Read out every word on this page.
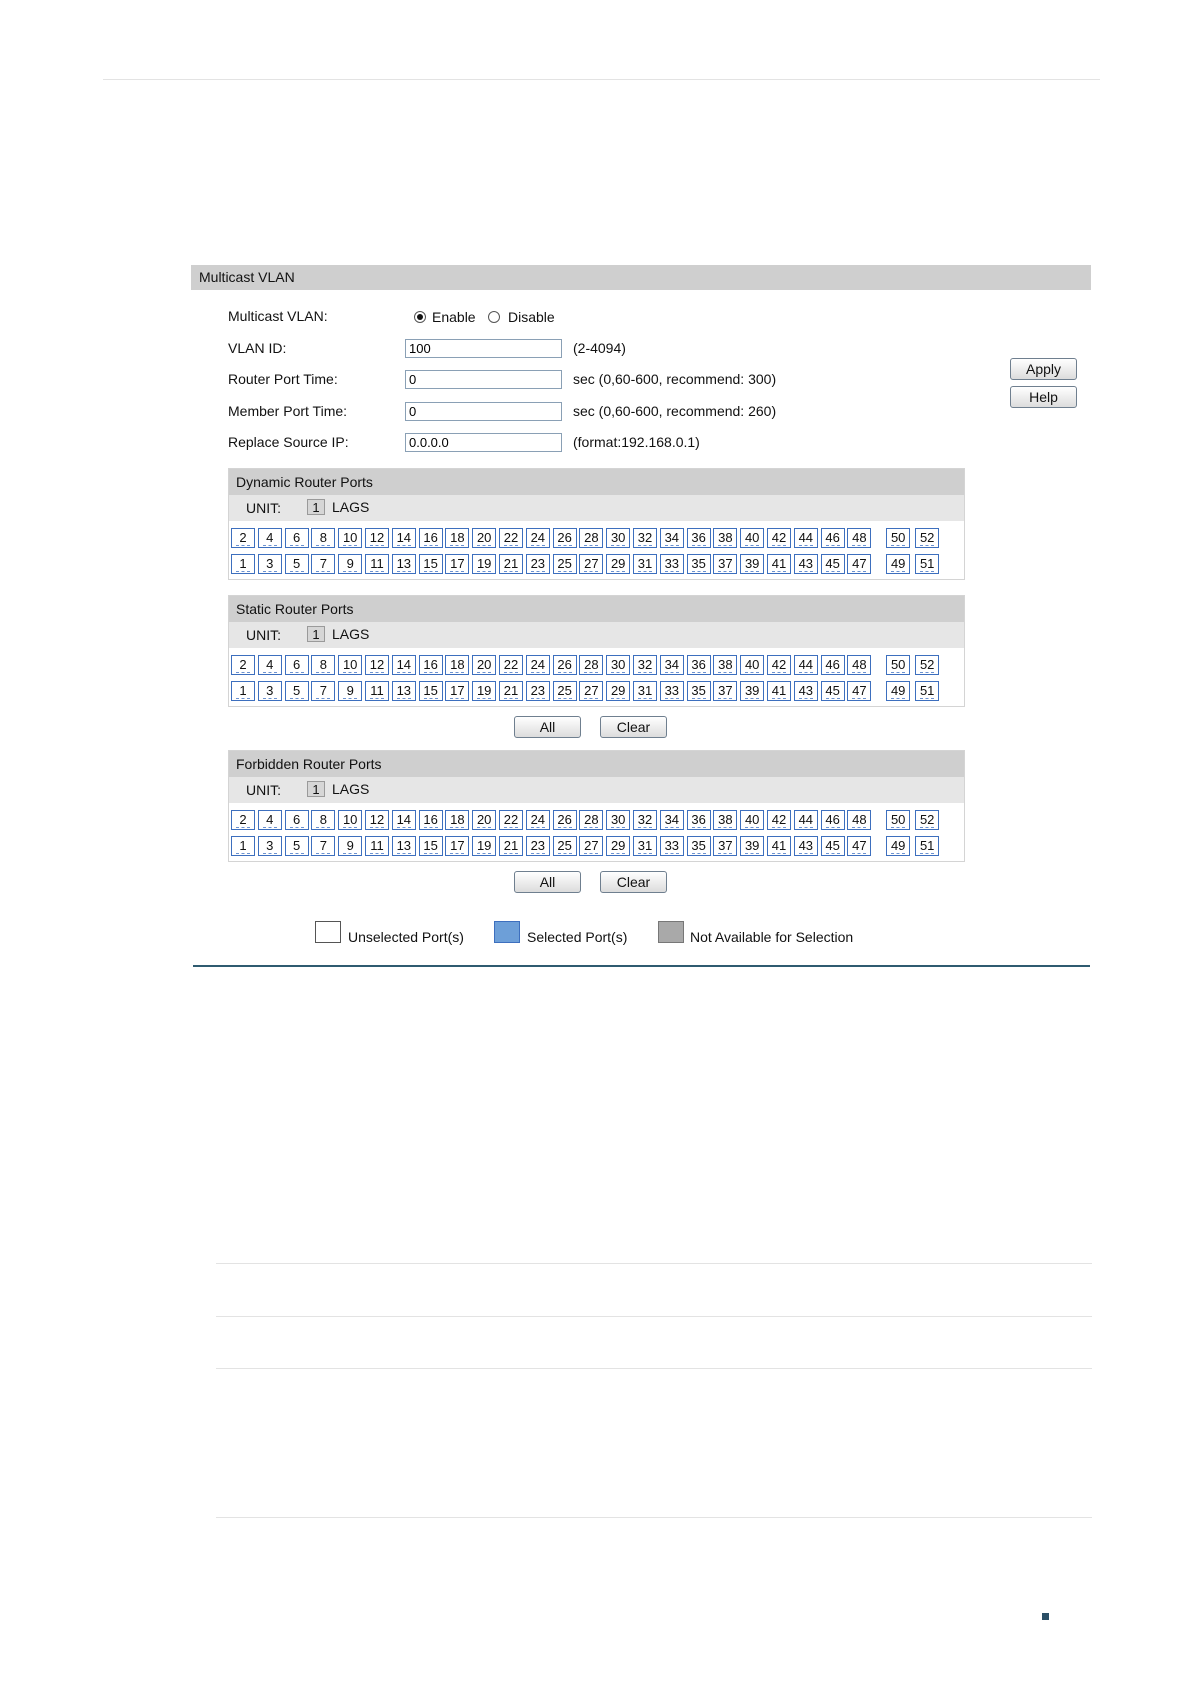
Multicast VLAN
Multicast VLAN:	Enable Disable
VLAN ID:
100	(2-4094)
Router Port Time:
0	sec (0,60-600, recommend: 300)
Member Port Time:
0	sec (0,60-600, recommend: 260)
Replace Source IP:
0.0.0.0	(format:192.168.0.1)
Apply
Help
Dynamic Router Ports
UNIT:	1 LAGS
2	4	6	8	10 12 14 16 18 20 22 24 26 28 30 32 34 36 38 40 42 44 46 48	50	52
1	3	5	7	9	11 13 15 17 19 21 23 25 27 29 31 33 35 37 39 41 43 45 47	49	51
Static Router Ports
UNIT:	1 LAGS
2	4	6	8	10 12 14 16 18 20 22 24 26 28 30 32 34 36 38 40 42 44 46 48	50	52
1	3	5	7	9	11 13 15 17 19 21 23 25 27 29 31 33 35 37 39 41 43 45 47	49	51
All	Clear
Forbidden Router Ports
UNIT:	1 LAGS
2	4	6	8	10 12 14 16 18 20 22 24 26 28 30 32 34 36 38 40 42 44 46 48	50	52
1	3	5	7	9	11 13 15 17 19 21 23 25 27 29 31 33 35 37 39 41 43 45 47	49	51
All	Clear
Unselected Port(s)	Selected Port(s)	Not Available for Selection
